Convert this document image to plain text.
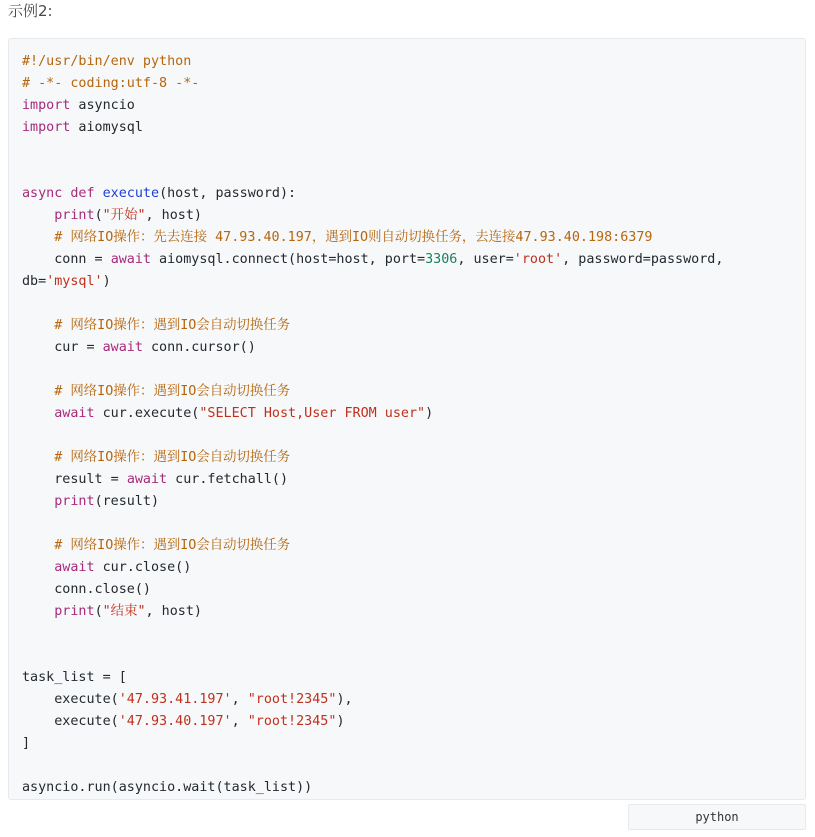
示例2:
#!/usr/bin/env python
# -*- coding:utf-8 -*-
import asyncio
import aiomysql
async def execute(host, password):
print("开始", host)
# 网络IO操作：先去连接 47.93.40.197，遇到IO则自动切换任务，去连接47.93.40.198:6379
conn = await aiomysql.connect(host=host, port=3306, user='root', password=password,
db='mysql')
# 网络IO操作：遇到IO会自动切换任务
cur = await conn.cursor()
# 网络IO操作：遇到IO会自动切换任务
await cur.execute("SELECT Host,User FROM user")
# 网络IO操作：遇到IO会自动切换任务
result = await cur.fetchall()
print(result)
# 网络IO操作：遇到IO会自动切换任务
await cur.close()
conn.close()
print("结束", host)
task_list = [
execute('47.93.41.197', "root!2345"),
execute('47.93.40.197', "root!2345")
]
asyncio.run(asyncio.wait(task_list))
python
